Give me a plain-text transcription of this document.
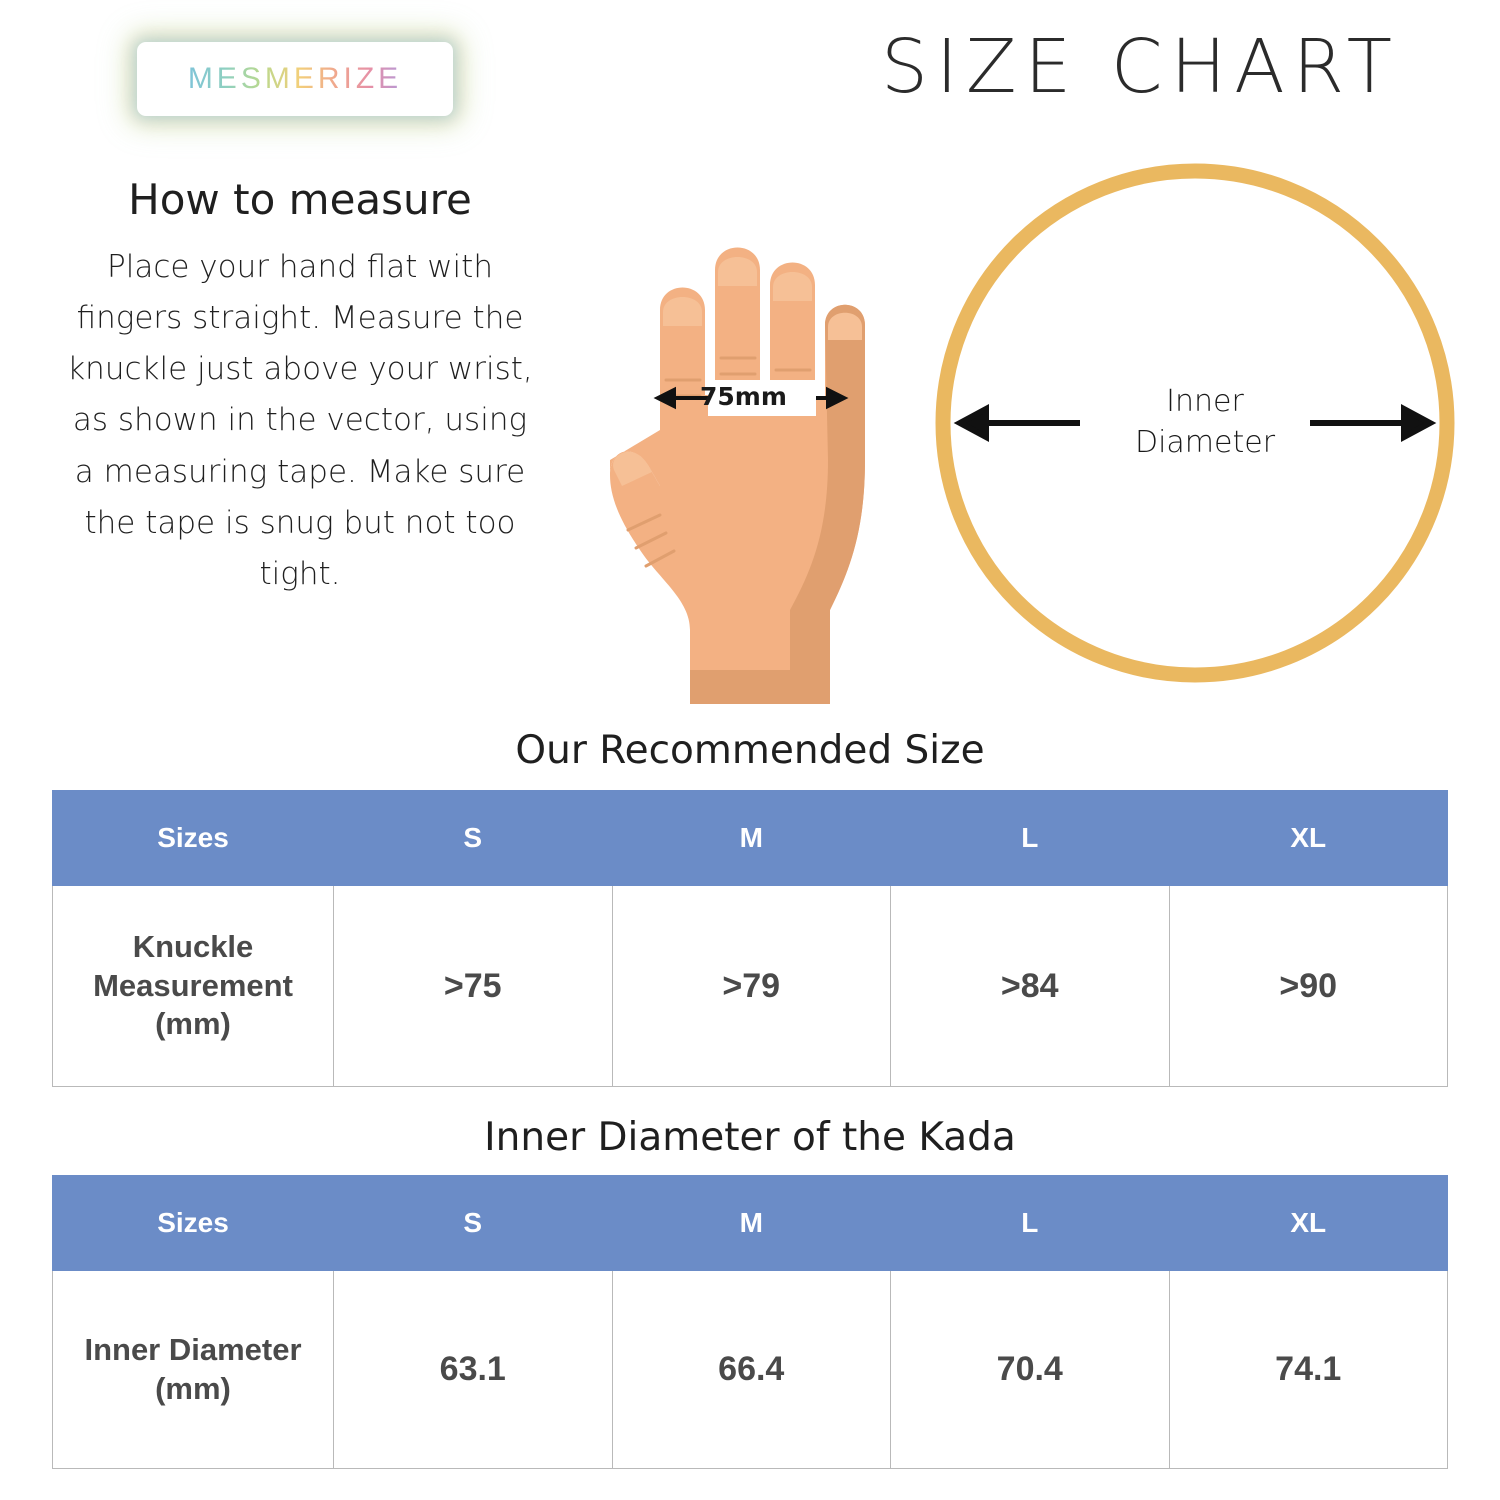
MESMERIZE	SIZE CHART
How to measure

Place your hand flat with fingers straight. Measure the knuckle just above your wrist, as shown in the vector, using a measuring tape. Make sure the tape is snug but not too tight.

75mm	Inner Diameter
Our Recommended Size
Sizes	S	M	L	XL
Knuckle Measurement (mm)	>75	>79	>84	>90
Inner Diameter of the Kada
Sizes	S	M	L	XL
Inner Diameter (mm)	63.1	66.4	70.4	74.1
